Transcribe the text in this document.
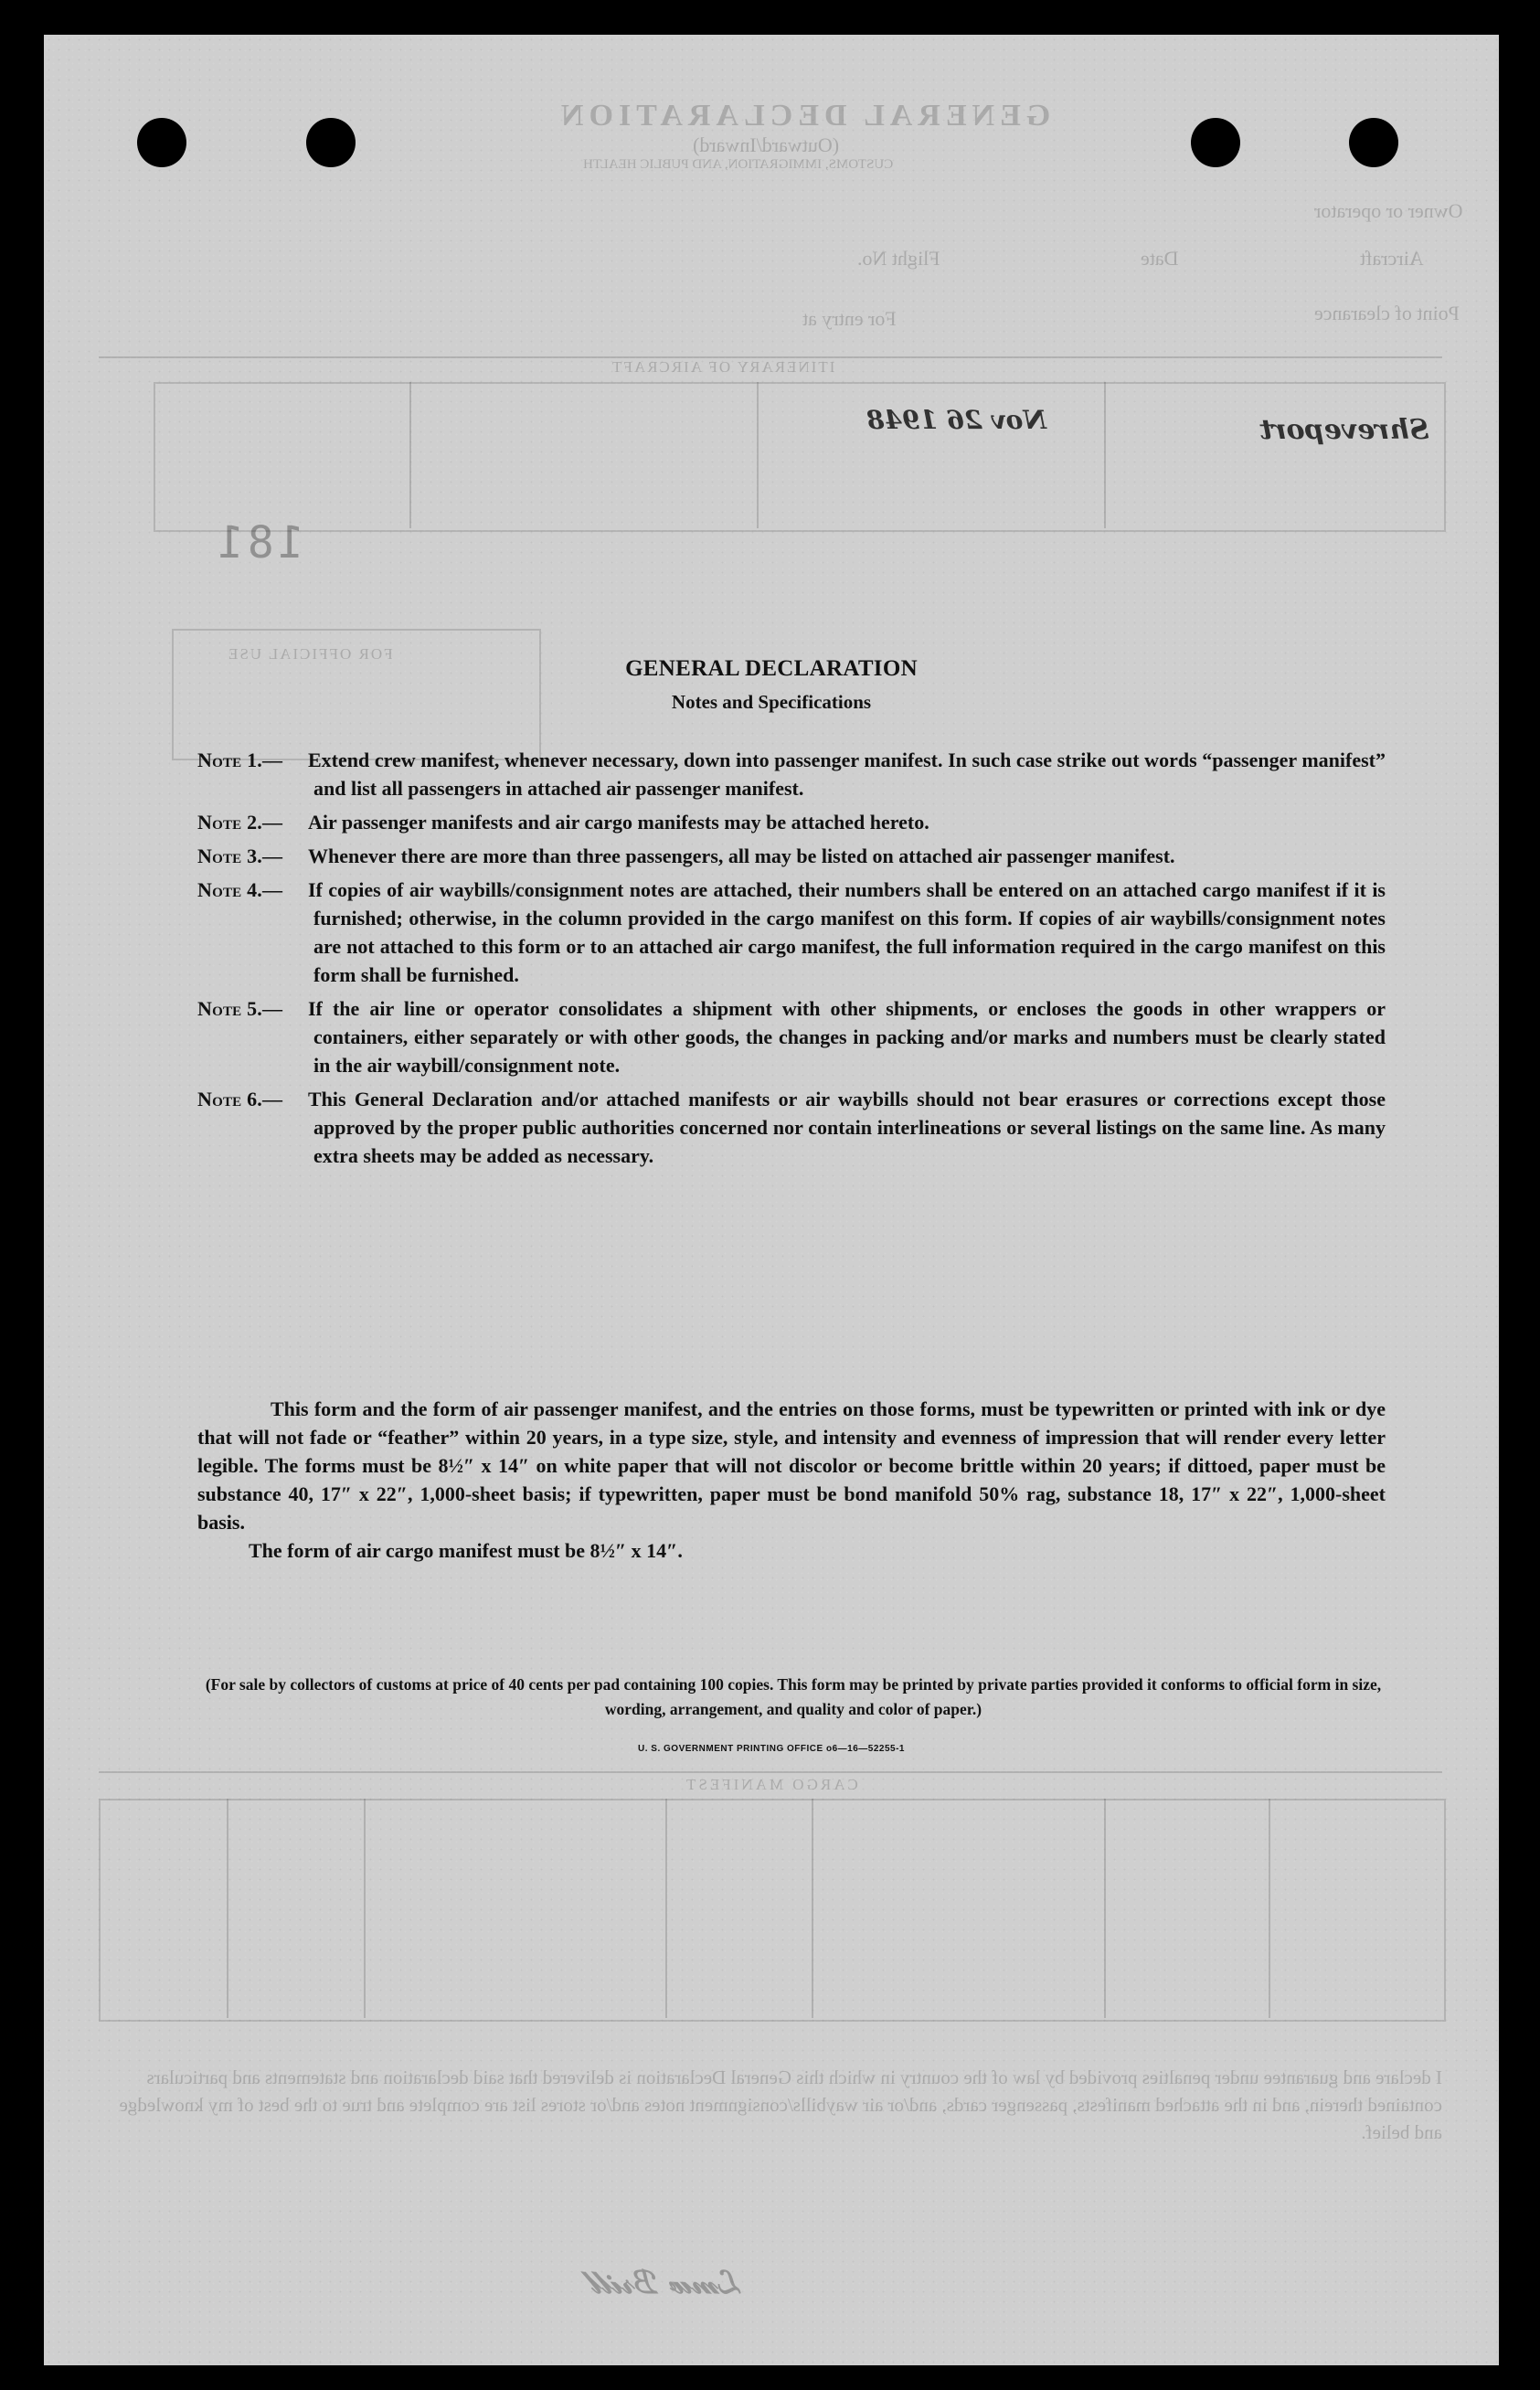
GENERAL DECLARATION
(Outward/Inward)
CUSTOMS, IMMIGRATION, AND PUBLIC HEALTH
Owner or operator
Aircraft
Flight No.	Date
Point of clearance
For entry at
ITINERARY OF AIRCRAFT
181
Nov 26 1948	Shreveport
FOR OFFICIAL USE
CARGO MANIFEST
I declare and guarantee under penalties provided by law of the country in which this General Declaration is delivered that said declaration and statements and particulars contained therein, and in the attached manifests, passenger cards, and/or air waybills/consignment notes and/or stores list are complete and true to the best of my knowledge and belief.
ℒ𝓂𝓌 ℬ𝓇𝒾𝓁𝓁
GENERAL DECLARATION
Notes and Specifications
Note 1.—	Extend crew manifest, whenever necessary, down into passenger manifest. In such case strike out words “passenger manifest” and list all passengers in attached air passenger manifest.
Note 2.—	Air passenger manifests and air cargo manifests may be attached hereto.
Note 3.—	Whenever there are more than three passengers, all may be listed on attached air passenger manifest.
Note 4.—	If copies of air waybills/consignment notes are attached, their numbers shall be entered on an attached cargo manifest if it is furnished; otherwise, in the column provided in the cargo manifest on this form. If copies of air waybills/consignment notes are not attached to this form or to an attached air cargo manifest, the full information required in the cargo manifest on this form shall be furnished.
Note 5.—	If the air line or operator consolidates a shipment with other shipments, or encloses the goods in other wrappers or containers, either separately or with other goods, the changes in packing and/or marks and numbers must be clearly stated in the air waybill/consignment note.
Note 6.—	This General Declaration and/or attached manifests or air waybills should not bear erasures or corrections except those approved by the proper public authorities concerned nor contain interlineations or several listings on the same line. As many extra sheets may be added as necessary.

This form and the form of air passenger manifest, and the entries on those forms, must be typewritten or printed with ink or dye that will not fade or “feather” within 20 years, in a type size, style, and intensity and evenness of impression that will render every letter legible. The forms must be 8½″ x 14″ on white paper that will not discolor or become brittle within 20 years; if dittoed, paper must be substance 40, 17″ x 22″, 1,000-sheet basis; if typewritten, paper must be bond manifold 50% rag, substance 18, 17″ x 22″, 1,000-sheet basis.

The form of air cargo manifest must be 8½″ x 14″.

(For sale by collectors of customs at price of 40 cents per pad containing 100 copies. This form may be printed by private parties provided it conforms to official form in size, wording, arrangement, and quality and color of paper.)
U. S. GOVERNMENT PRINTING OFFICE o6—16—52255-1
